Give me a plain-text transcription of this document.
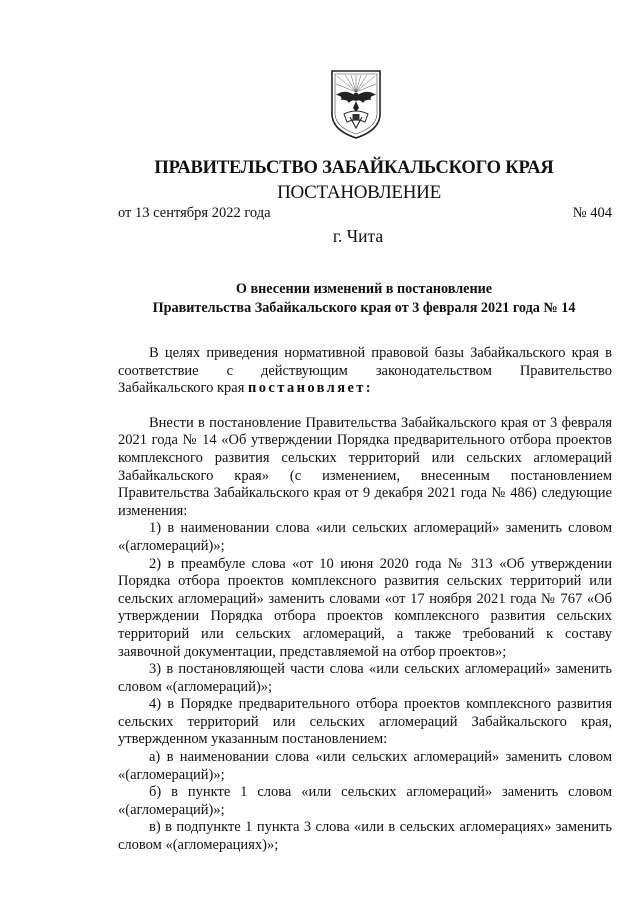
ПРАВИТЕЛЬСТВО ЗАБАЙКАЛЬСКОГО КРАЯ
ПОСТАНОВЛЕНИЕ
от 13 сентября 2022 года	№ 404
г. Чита
О внесении изменений в постановление
Правительства Забайкальского края от 3 февраля 2021 года № 14

В целях приведения нормативной правовой базы Забайкальского края в соответствие с действующим законодательством Правительство Забайкальского края постановляет:

Внести в постановление Правительства Забайкальского края от 3 февраля 2021 года № 14 «Об утверждении Порядка предварительного отбора проектов комплексного развития сельских территорий или сельских агломераций Забайкальского края» (с изменением, внесенным постановлением Правительства Забайкальского края от 9 декабря 2021 года № 486) следующие изменения:

1) в наименовании слова «или сельских агломераций» заменить словом «(агломераций)»;

2) в преамбуле слова «от 10 июня 2020 года № 313 «Об утверждении Порядка отбора проектов комплексного развития сельских территорий или сельских агломераций» заменить словами «от 17 ноября 2021 года № 767 «Об утверждении Порядка отбора проектов комплексного развития сельских территорий или сельских агломераций, а также требований к составу заявочной документации, представляемой на отбор проектов»;

3) в постановляющей части слова «или сельских агломераций» заменить словом «(агломераций)»;

4) в Порядке предварительного отбора проектов комплексного развития сельских территорий или сельских агломераций Забайкальского края, утвержденном указанным постановлением:

а) в наименовании слова «или сельских агломераций» заменить словом «(агломераций)»;

б) в пункте 1 слова «или сельских агломераций» заменить словом «(агломераций)»;

в) в подпункте 1 пункта 3 слова «или в сельских агломерациях» заменить словом «(агломерациях)»;
